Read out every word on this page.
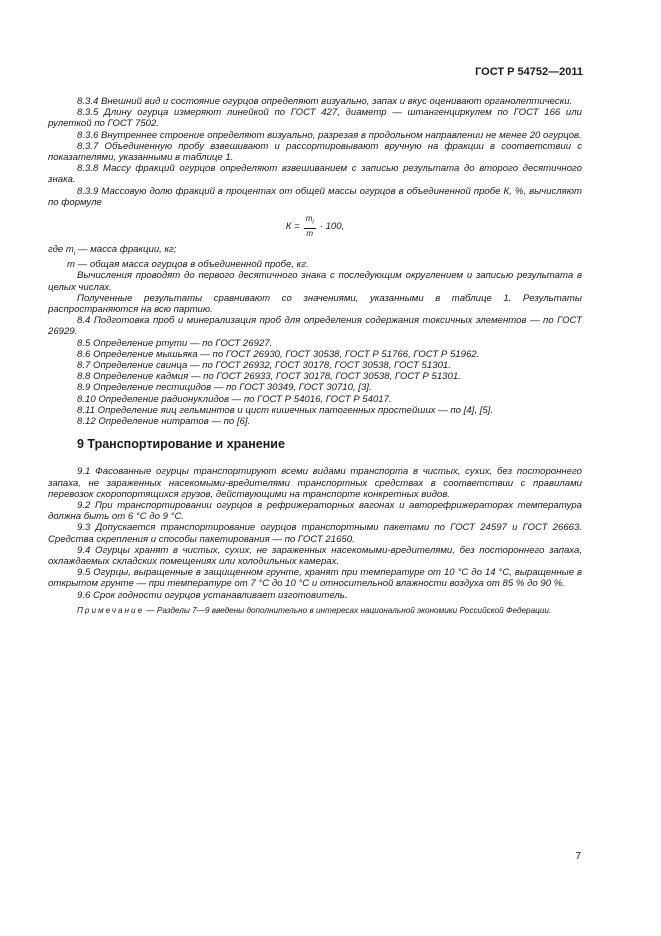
ГОСТ Р 54752—2011

8.3.4 Внешний вид и состояние огурцов определяют визуально, запах и вкус оценивают органолептически.

8.3.5 Длину огурца измеряют линейкой по ГОСТ 427, диаметр — штангенциркулем по ГОСТ 166 или рулеткой по ГОСТ 7502.

8.3.6 Внутреннее строение определяют визуально, разрезая в продольном направлении не менее 20 огурцов.

8.3.7 Объединенную пробу взвешивают и рассортировывают вручную на фракции в соответствии с показателями, указанными в таблице 1.

8.3.8 Массу фракций огурцов определяют взвешиванием с записью результата до второго десятичного знака.

8.3.9 Массовую долю фракций в процентах от общей массы огурцов в объединенной пробе К, %, вычисляют по формуле

$К = \frac{m_i}{m} \cdot 100$,

где $m_i$ — масса фракции, кг;

m — общая масса огурцов в объединенной пробе, кг.

Вычисления проводят до первого десятичного знака с последующим округлением и записью результата в целых числах.

Полученные результаты сравнивают со значениями, указанными в таблице 1. Результаты распространяются на всю партию.

8.4 Подготовка проб и минерализация проб для определения содержания токсичных элементов — по ГОСТ 26929.

8.5 Определение ртути — по ГОСТ 26927.

8.6 Определение мышьяка — по ГОСТ 26930, ГОСТ 30538, ГОСТ Р 51766, ГОСТ Р 51962.

8.7 Определение свинца — по ГОСТ 26932, ГОСТ 30178, ГОСТ 30538, ГОСТ 51301.

8.8 Определение кадмия — по ГОСТ 26933, ГОСТ 30178, ГОСТ 30538, ГОСТ Р 51301.

8.9 Определение пестицидов — по ГОСТ 30349, ГОСТ 30710, [3].

8.10 Определение радионуклидов — по ГОСТ Р 54016, ГОСТ Р 54017.

8.11 Определение яиц гельминтов и цист кишечных патогенных простейших — по [4], [5].

8.12 Определение нитратов — по [6].

9 Транспортирование и хранение

9.1 Фасованные огурцы транспортируют всеми видами транспорта в чистых, сухих, без постороннего запаха, не зараженных насекомыми-вредителями транспортных средствах в соответствии с правилами перевозок скоропортящихся грузов, действующими на транспорте конкретных видов.

9.2 При транспортировании огурцов в рефрижераторных вагонах и авторефрижераторах температура должна быть от 6 °С до 9 °С.

9.3 Допускается транспортирование огурцов транспортными пакетами по ГОСТ 24597 и ГОСТ 26663. Средства скрепления и способы пакетирования — по ГОСТ 21650.

9.4 Огурцы хранят в чистых, сухих, не зараженных насекомыми-вредителями, без постороннего запаха, охлаждаемых складских помещениях или холодильных камерах.

9.5 Огурцы, выращенные в защищенном грунте, хранят при температуре от 10 °С до 14 °С, выращенные в открытом грунте — при температуре от 7 °С до 10 °С и относительной влажности воздуха от 85 % до 90 %.

9.6 Срок годности огурцов устанавливает изготовитель.

Примечание — Разделы 7—9 введены дополнительно в интересах национальной экономики Российской Федерации.

7
